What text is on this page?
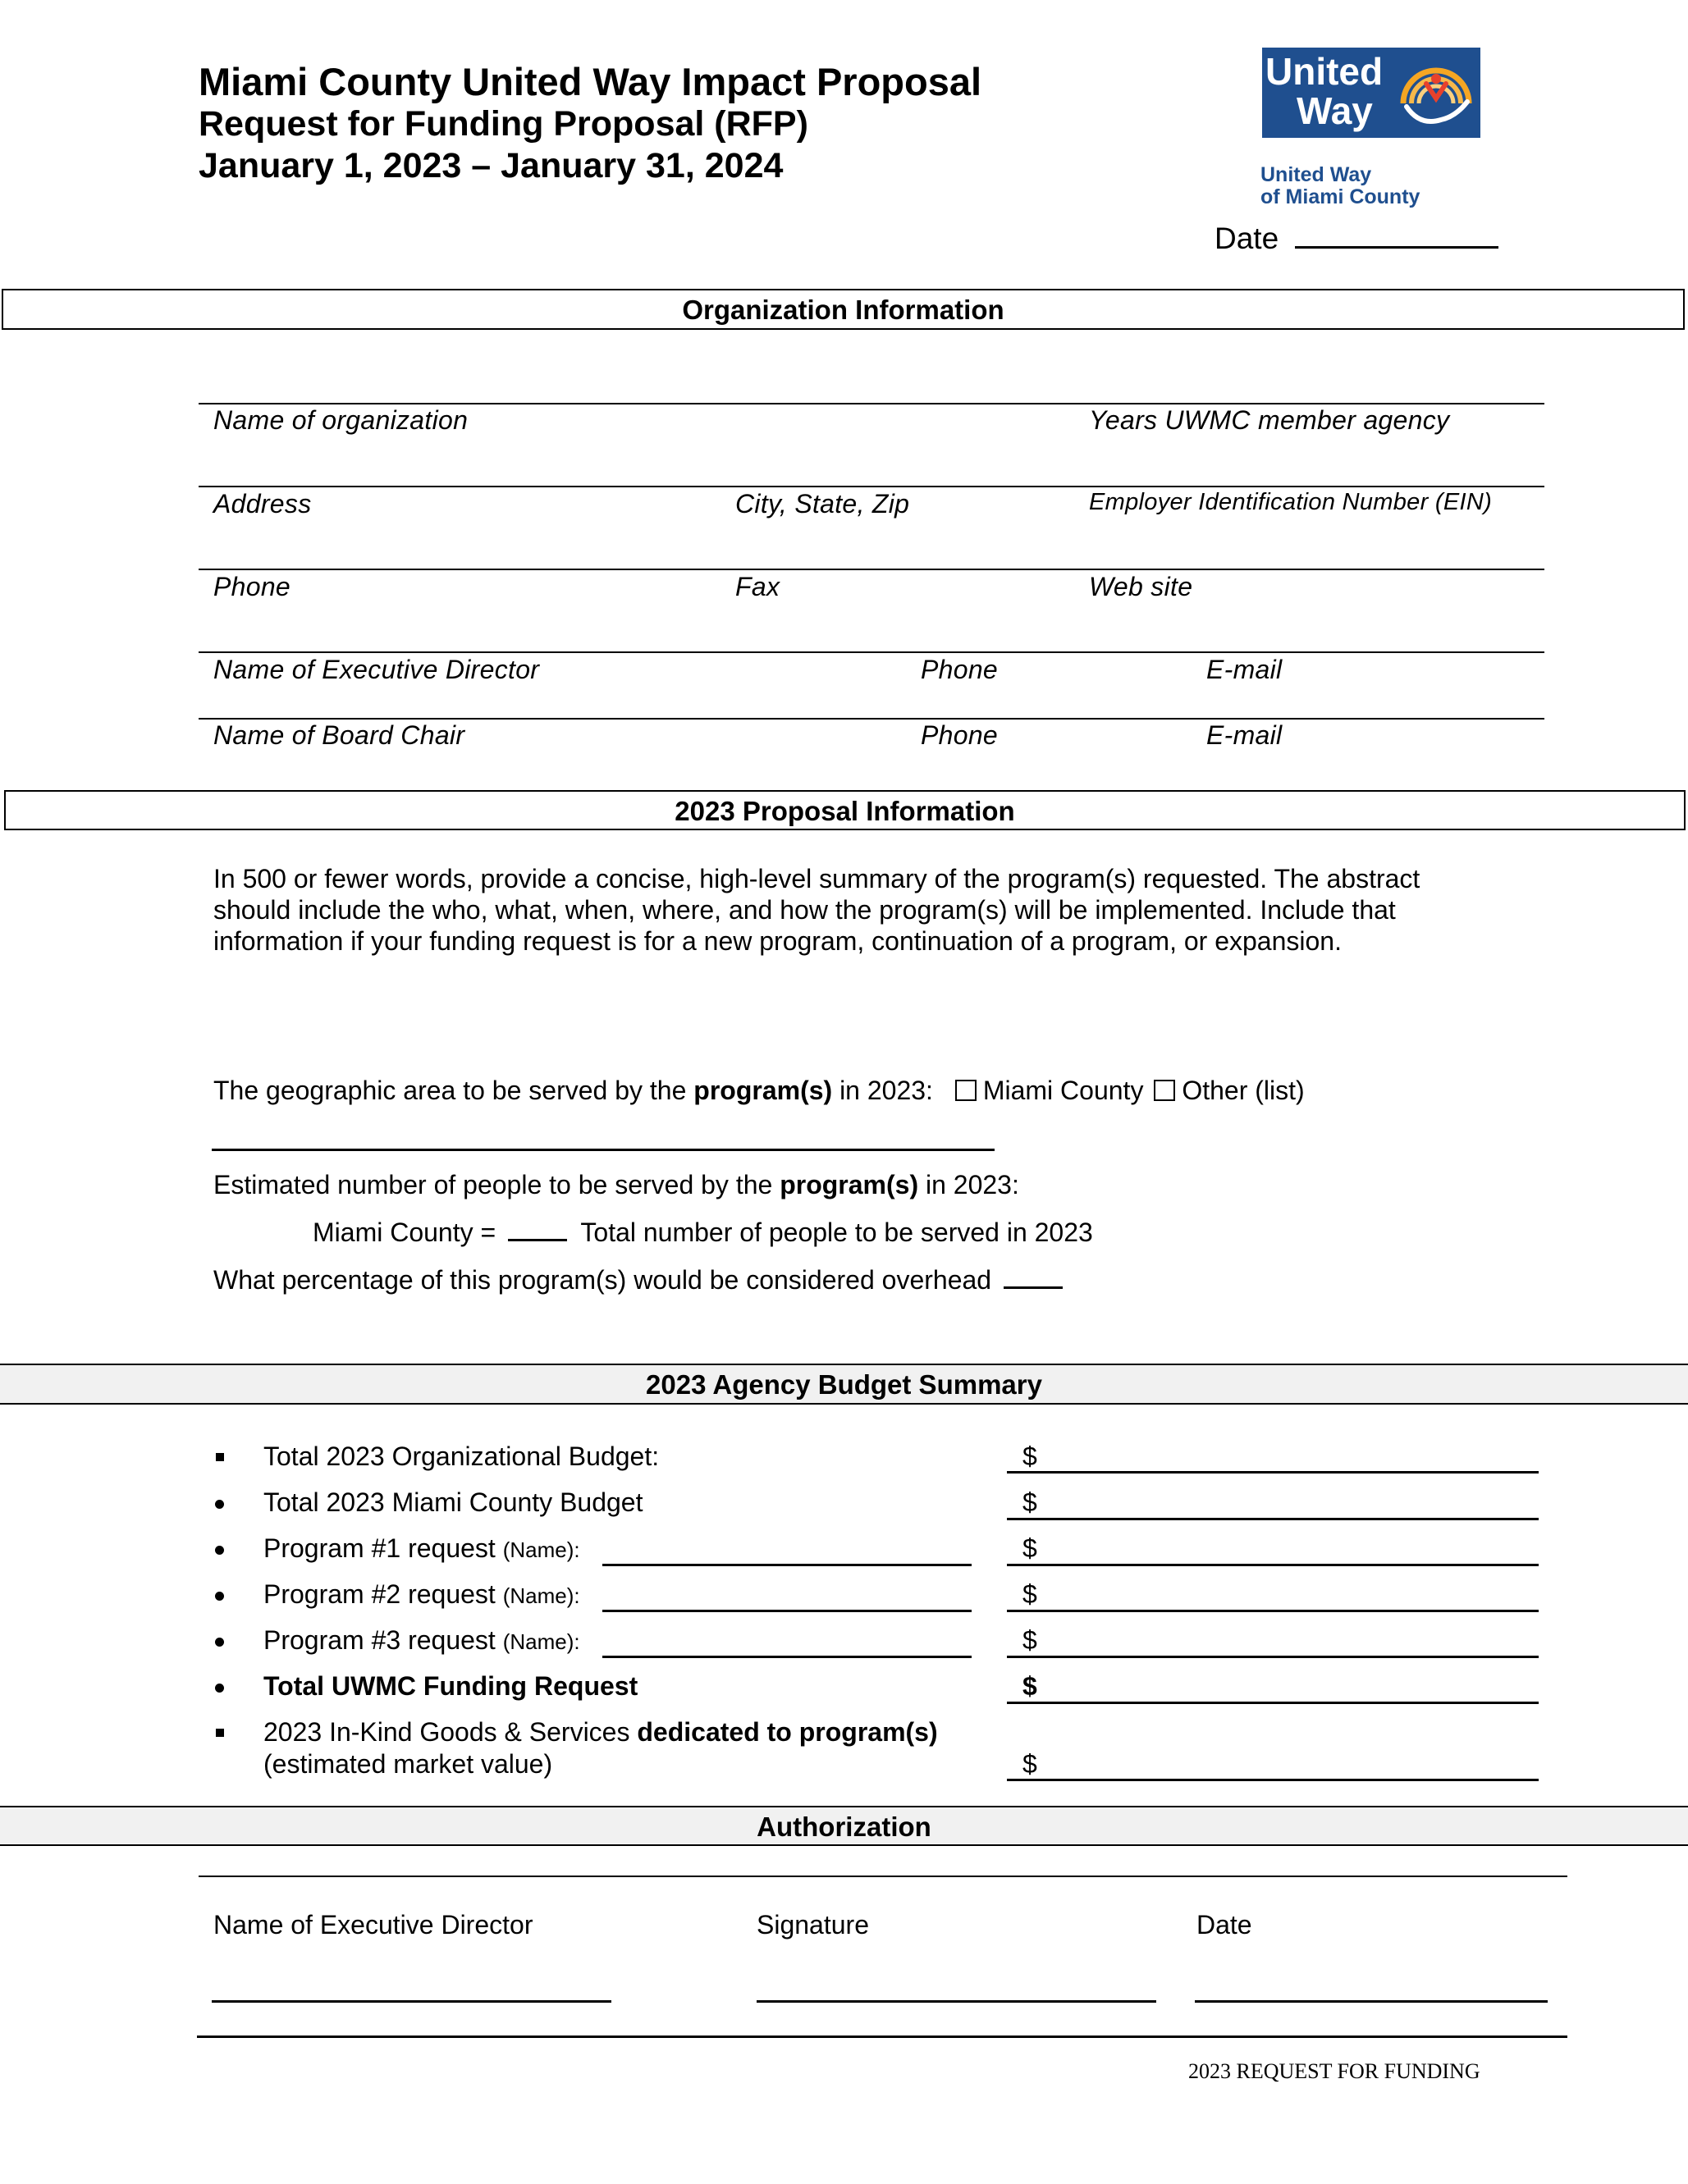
Miami County United Way Impact Proposal
Request for Funding Proposal (RFP)
January 1, 2023 – January 31, 2024
United
Way
United Way
of Miami County
Date
Organization Information
Name of organization	Years UWMC member agency
Address	City, State, Zip	Employer Identification Number (EIN)
Phone	Fax	Web site
Name of Executive Director	Phone	E-mail
Name of Board Chair	Phone	E-mail
2023 Proposal Information
In 500 or fewer words, provide a concise, high-level summary of the program(s) requested. The abstract
should include the who, what, when, where, and how the program(s) will be implemented. Include that
information if your funding request is for a new program, continuation of a program, or expansion.
The geographic area to be served by the program(s) in 2023: Miami County Other (list)
Estimated number of people to be served by the program(s) in 2023:
Miami County =	Total number of people to be served in 2023
What percentage of this program(s) would be considered overhead
2023 Agency Budget Summary
Total 2023 Organizational Budget:	$
Total 2023 Miami County Budget	$
Program #1 request (Name):	$
Program #2 request (Name):	$
Program #3 request (Name):	$
Total UWMC Funding Request	$
2023 In-Kind Goods & Services dedicated to program(s)
(estimated market value)	$
Authorization
Name of Executive Director	Signature	Date
2023 REQUEST FOR FUNDING
